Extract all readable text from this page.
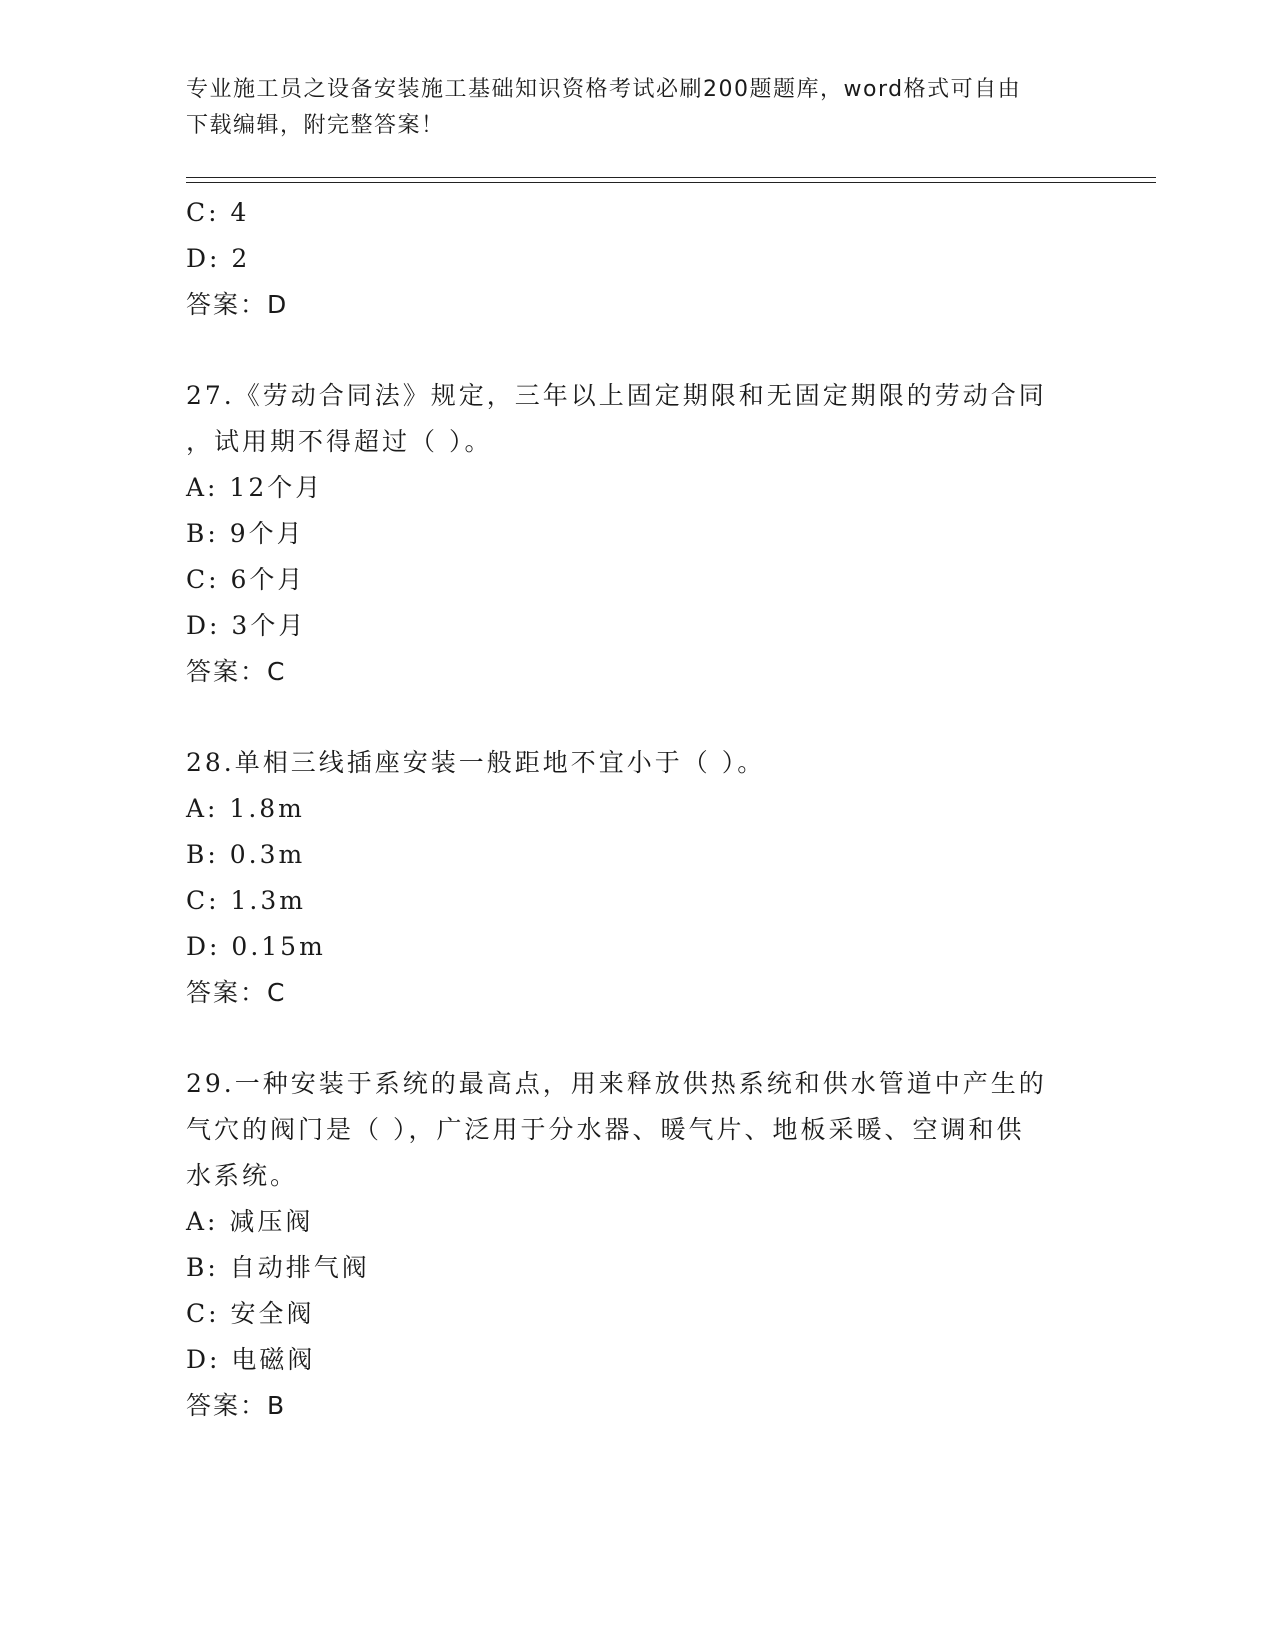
专业施工员之设备安装施工基础知识资格考试必刷200题题库，word格式可自由
下载编辑，附完整答案！
C: 4
D: 2
答案：D
27.《劳动合同法》规定，三年以上固定期限和无固定期限的劳动合同
，试用期不得超过（ ）。
A: 12个月
B: 9个月
C: 6个月
D: 3个月
答案：C
28.单相三线插座安装一般距地不宜小于（ ）。
A: 1.8m
B: 0.3m
C: 1.3m
D: 0.15m
答案：C
29.一种安装于系统的最高点，用来释放供热系统和供水管道中产生的
气穴的阀门是（ ），广泛用于分水器、暖气片、地板采暖、空调和供
水系统。
A: 减压阀
B: 自动排气阀
C: 安全阀
D: 电磁阀
答案：B
